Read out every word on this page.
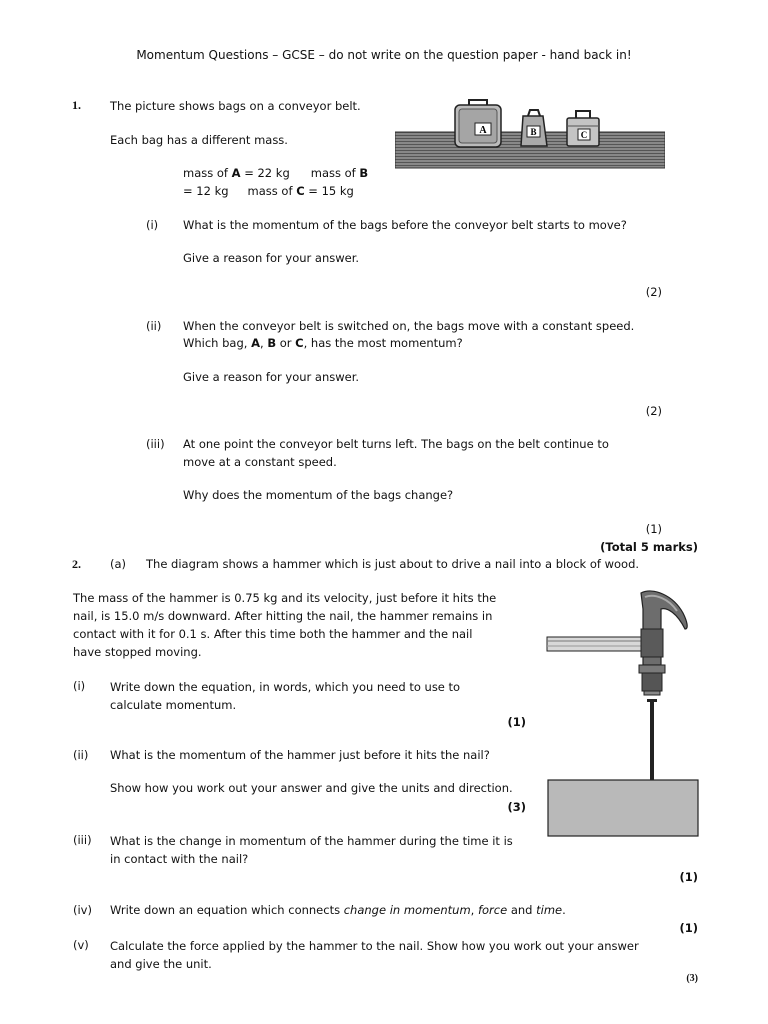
Momentum Questions – GCSE – do not write on the question paper - hand back in!
1.	The picture shows bags on a conveyor belt.
Each bag has a different mass.
mass of A = 22 kg mass of B
= 12 kg mass of C = 15 kg
A	B	C
(i) What is the momentum of the bags before the conveyor belt starts to move?
Give a reason for your answer.
(2)
(ii) When the conveyor belt is switched on, the bags move with a constant speed.
Which bag, A, B or C, has the most momentum?
Give a reason for your answer.
(2)
(iii) At one point the conveyor belt turns left. The bags on the belt continue to
move at a constant speed.
Why does the momentum of the bags change?
(1)
(Total 5 marks)
2.	(a) The diagram shows a hammer which is just about to drive a nail into a block of wood.
The mass of the hammer is 0.75 kg and its velocity, just before it hits the
nail, is 15.0 m/s downward. After hitting the nail, the hammer remains in
contact with it for 0.1 s. After this time both the hammer and the nail
have stopped moving.
(i) Write down the equation, in words, which you need to use to
calculate momentum.
(1)
(ii) What is the momentum of the hammer just before it hits the nail?
Show how you work out your answer and give the units and direction.
(3)
(iii) What is the change in momentum of the hammer during the time it is
in contact with the nail?
(1)
(iv) Write down an equation which connects change in momentum, force and time.
(1)
(v) Calculate the force applied by the hammer to the nail. Show how you work out your answer
and give the unit.
(3)
